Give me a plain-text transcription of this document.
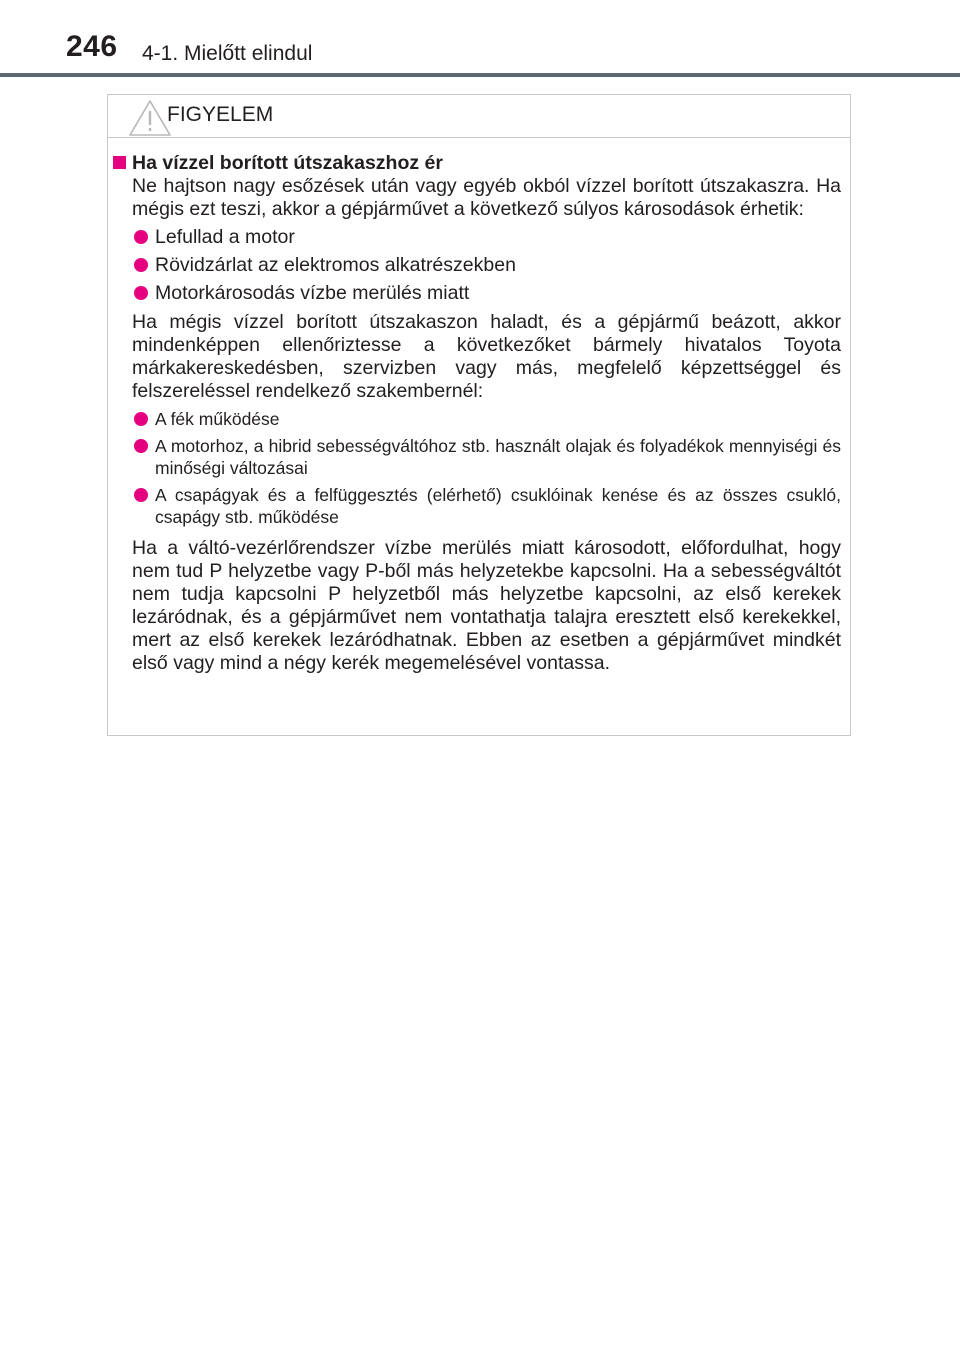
246 4-1. Mielőtt elindul
FIGYELEM
Ha vízzel borított útszakaszhoz ér
Ne hajtson nagy esőzések után vagy egyéb okból vízzel borított útszakaszra. Ha mégis ezt teszi, akkor a gépjárművet a következő súlyos károsodások érhetik:
Lefullad a motor
Rövidzárlat az elektromos alkatrészekben
Motorkárosodás vízbe merülés miatt
Ha mégis vízzel borított útszakaszon haladt, és a gépjármű beázott, akkor mindenképpen ellenőriztesse a következőket bármely hivatalos Toyota márkakereskedésben, szervizben vagy más, megfelelő képzettséggel és felszereléssel rendelkező szakembernél:
A fék működése
A motorhoz, a hibrid sebességváltóhoz stb. használt olajak és folyadékok mennyiségi és minőségi változásai
A csapágyak és a felfüggesztés (elérhető) csuklóinak kenése és az összes csukló, csapágy stb. működése
Ha a váltó-vezérlőrendszer vízbe merülés miatt károsodott, előfordulhat, hogy nem tud P helyzetbe vagy P-ből más helyzetekbe kapcsolni. Ha a sebességváltót nem tudja kapcsolni P helyzetből más helyzetbe kapcsolni, az első kerekek lezáródnak, és a gépjárművet nem vontathatja talajra eresztett első kerekekkel, mert az első kerekek lezáródhatnak. Ebben az esetben a gépjárművet mindkét első vagy mind a négy kerék megemelésével vontassa.
